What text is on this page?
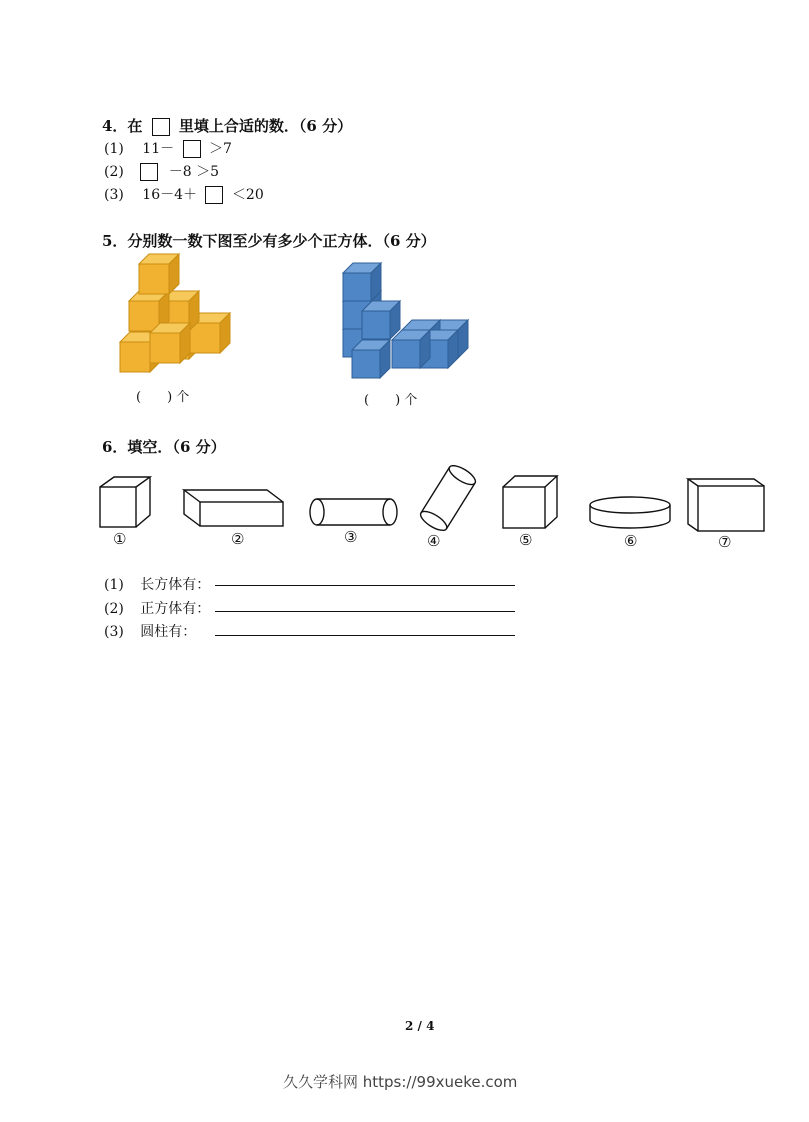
4．在 里填上合适的数．（6 分）
(1) 11－ ＞7
(2)	－8 ＞5
(3) 16－4＋ ＜20
5．分别数一数下图至少有多少个正方体．（6 分）
(　　) 个	(　　) 个
6．填空．（6 分）
①	②	③	④	⑤	⑥	⑦
(1) 长方体有：
(2) 正方体有：
(3) 圆柱有：
2 / 4
久久学科网 https://99xueke.com
